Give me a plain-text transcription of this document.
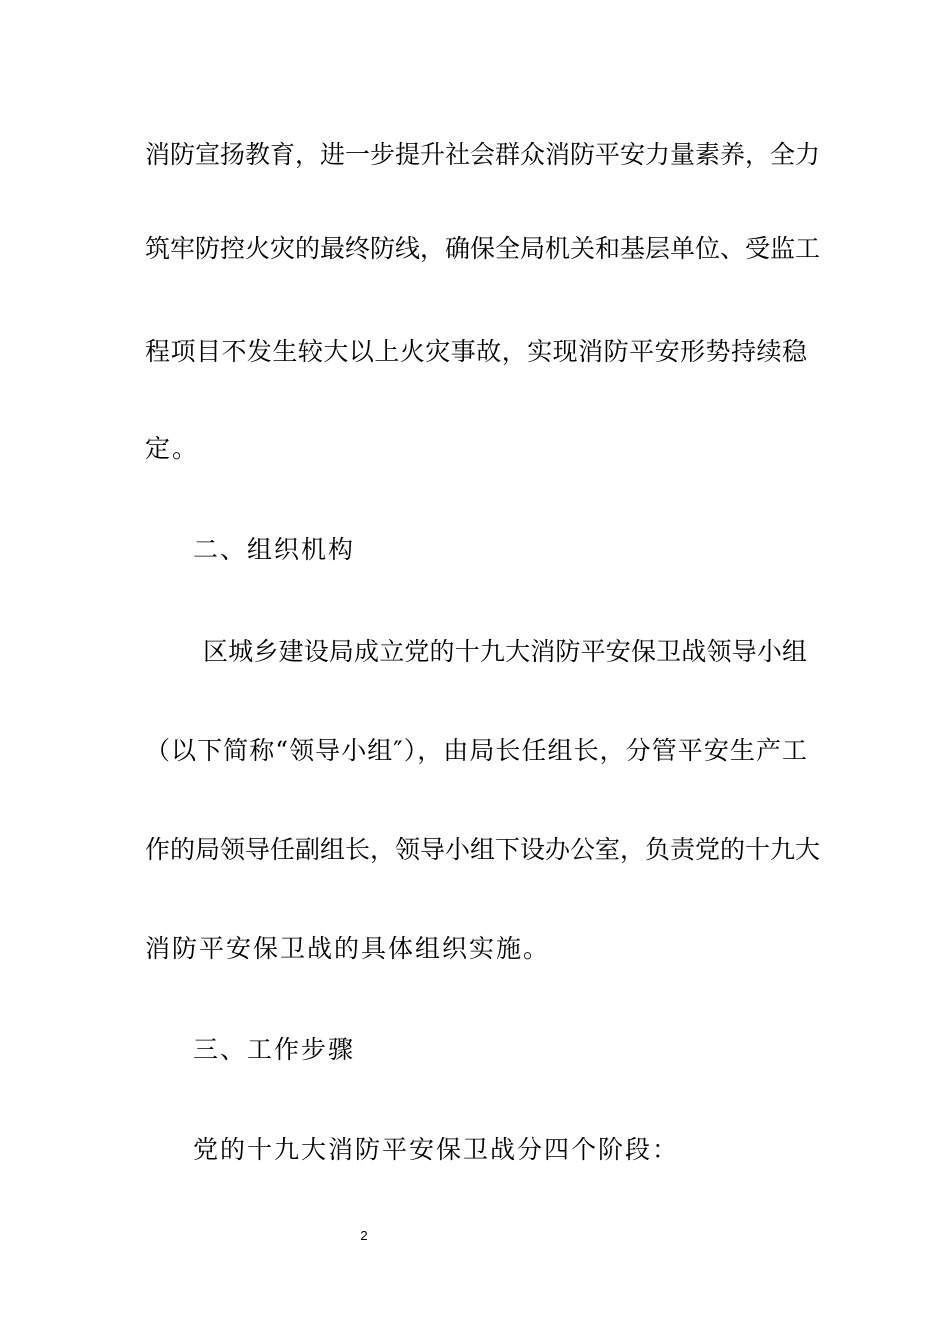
消防宣扬教育，进一步提升社会群众消防平安力量素养，全力
筑牢防控火灾的最终防线，确保全局机关和基层单位、受监工
程项目不发生较大以上火灾事故，实现消防平安形势持续稳
定。
二、组织机构
区城乡建设局成立党的十九大消防平安保卫战领导小组
（以下简称“领导小组″），由局长任组长，分管平安生产工
作的局领导任副组长，领导小组下设办公室，负责党的十九大
消防平安保卫战的具体组织实施。
三、工作步骤
党的十九大消防平安保卫战分四个阶段：
2
